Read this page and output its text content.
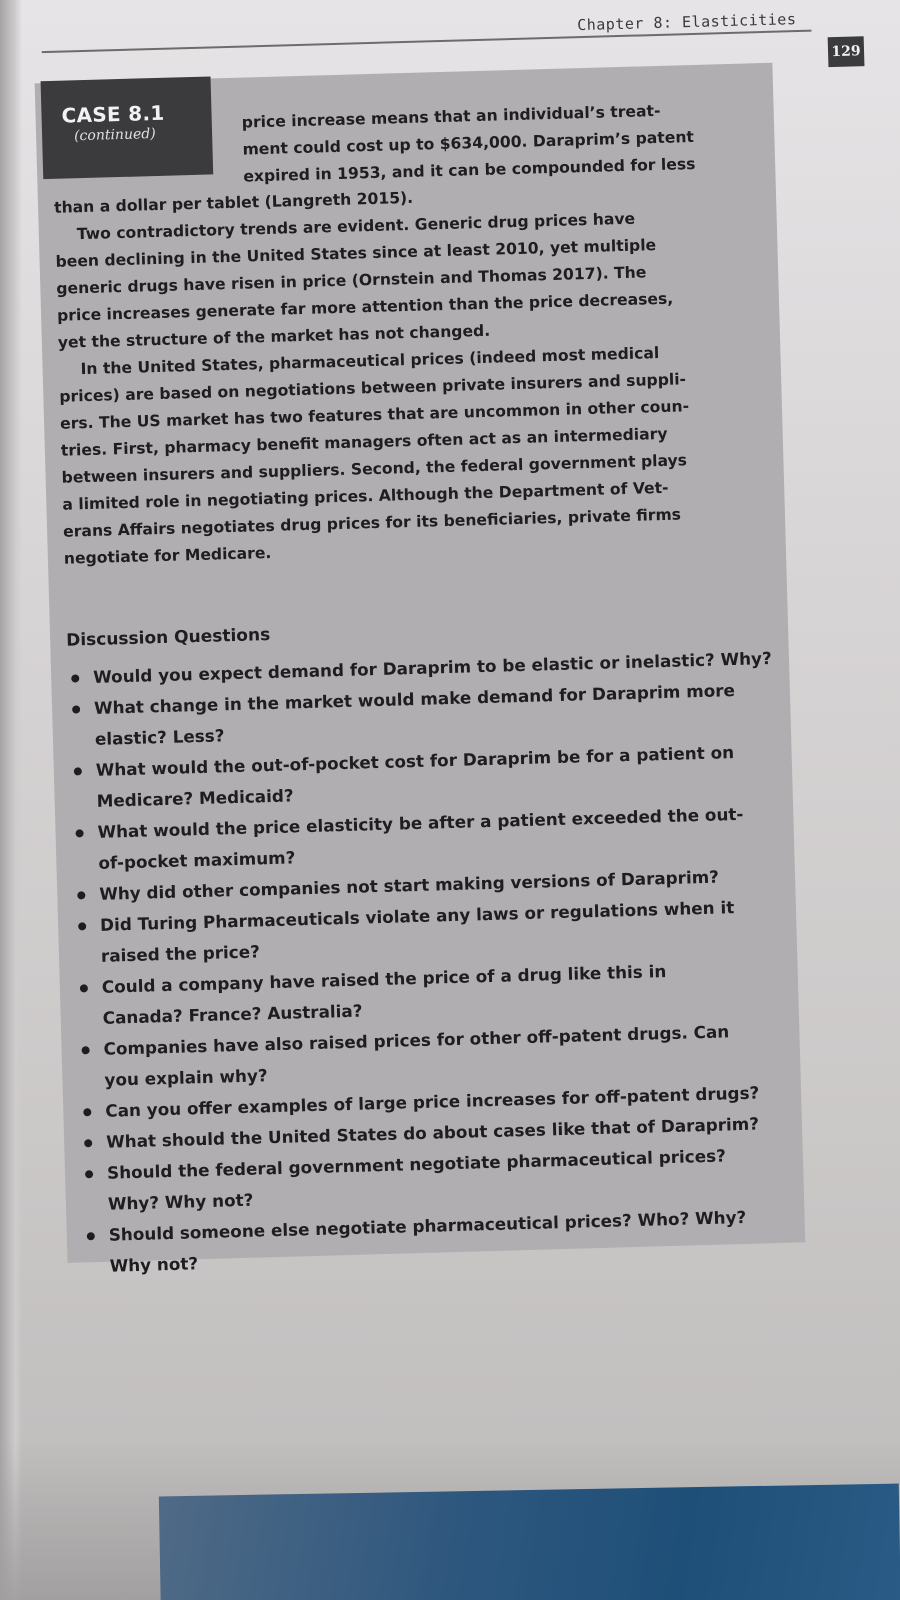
Chapter 8: Elasticities
129
CASE 8.1
(continued)
price increase means that an individual’s treat-
ment could cost up to $634,000. Daraprim’s patent
expired in 1953, and it can be compounded for less

than a dollar per tablet (Langreth 2015).

Two contradictory trends are evident. Generic drug prices have
been declining in the United States since at least 2010, yet multiple
generic drugs have risen in price (Ornstein and Thomas 2017). The
price increases generate far more attention than the price decreases,
yet the structure of the market has not changed.

In the United States, pharmaceutical prices (indeed most medical
prices) are based on negotiations between private insurers and suppli-
ers. The US market has two features that are uncommon in other coun-
tries. First, pharmacy benefit managers often act as an intermediary
between insurers and suppliers. Second, the federal government plays
a limited role in negotiating prices. Although the Department of Vet-
erans Affairs negotiates drug prices for its beneficiaries, private firms
negotiate for Medicare.

Discussion Questions
Would you expect demand for Daraprim to be elastic or inelastic? Why?
What change in the market would make demand for Daraprim more
elastic? Less?
What would the out-of-pocket cost for Daraprim be for a patient on
Medicare? Medicaid?
What would the price elasticity be after a patient exceeded the out-
of-pocket maximum?
Why did other companies not start making versions of Daraprim?
Did Turing Pharmaceuticals violate any laws or regulations when it
raised the price?
Could a company have raised the price of a drug like this in
Canada? France? Australia?
Companies have also raised prices for other off-patent drugs. Can
you explain why?
Can you offer examples of large price increases for off-patent drugs?
What should the United States do about cases like that of Daraprim?
Should the federal government negotiate pharmaceutical prices?
Why? Why not?
Should someone else negotiate pharmaceutical prices? Who? Why?
Why not?
